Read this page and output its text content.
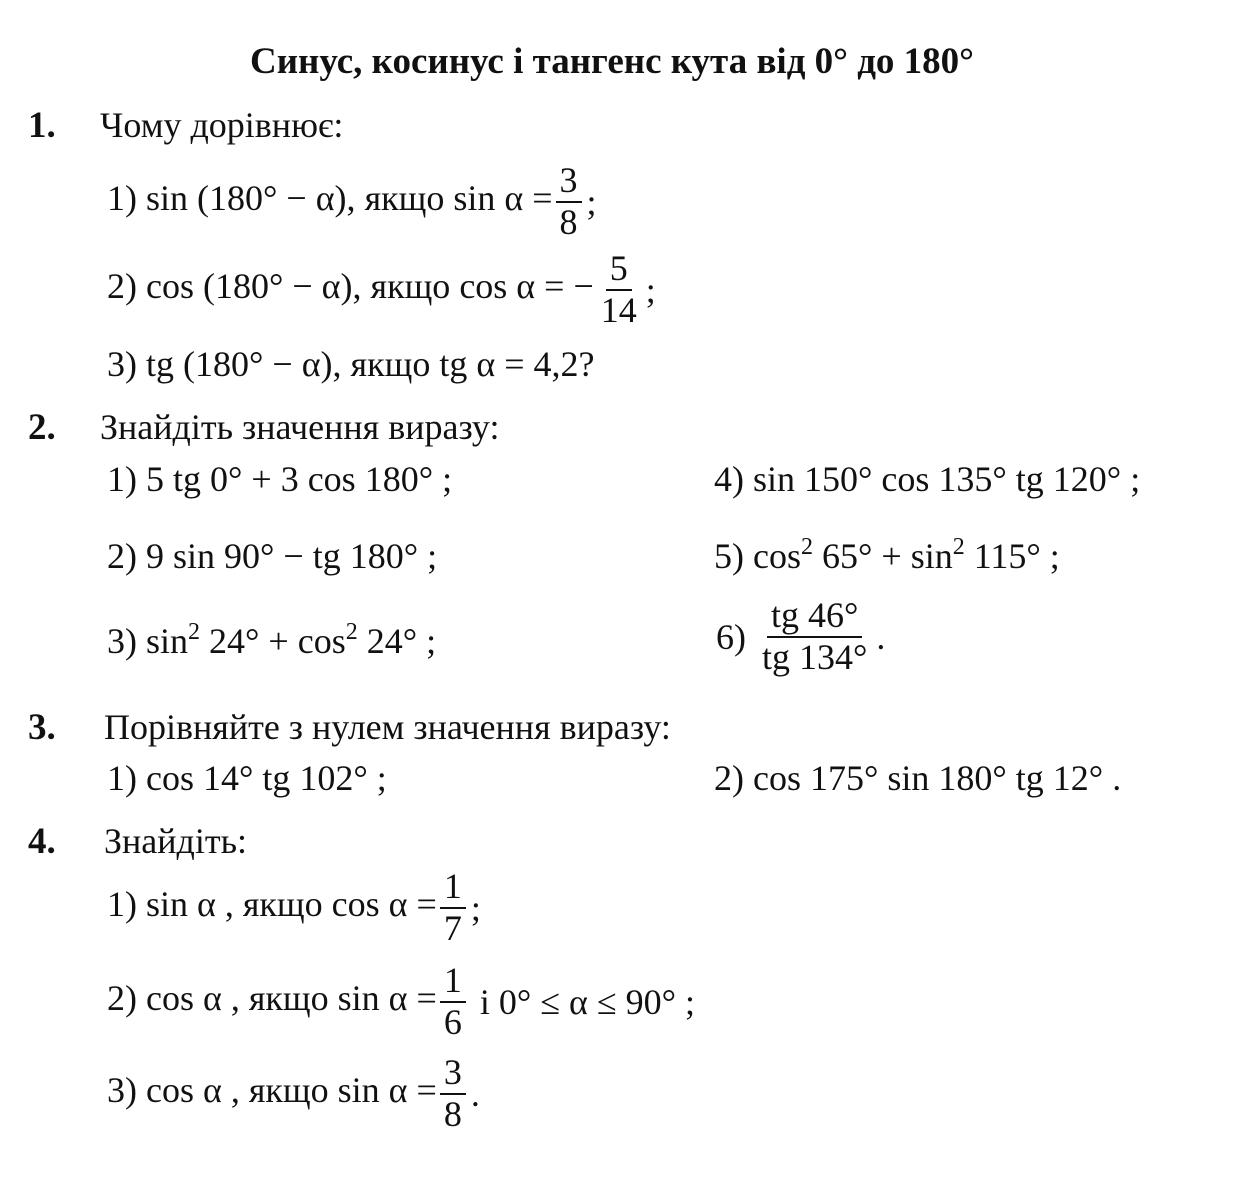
Синус, косинус і тангенс кута від 0° до 180°
1. Чому дорівнює:
1) sin (180° − α), якщо $\sin \alpha = \frac{3}{8}$ ;
2) cos (180° − α), якщо cos α = − $\frac{5}{14}$ ;
3) tg (180° − α), якщо tg α = 4,2?
2. Знайдіть значення виразу:
1) 5 tg 0° + 3 cos 180° ;
2) 9 sin 90° − tg 180° ;
3) $\sin^2 24^\circ + \cos^2 24^\circ$ ;
4) sin 150° cos 135° tg 120° ;
5) $\cos^2 65^\circ + \sin^2 115^\circ$ ;
$6) \frac{tg 46^\circ}{tg 134^\circ}$ .
3. Порівняйте з нулем значення виразу:
1) cos 14° tg 102° ;	2) cos 175° sin 180° tg 12° .
4. Знайдіть:
1) sin α , якщо $\cos \alpha = \frac{1}{7}$ ;
2) cos α , якщо $\sin \alpha = \frac{1}{6}$ і 0° ≤ α ≤ 90° ;
3) cos α , якщо $\sin \alpha = \frac{3}{8}$ .
